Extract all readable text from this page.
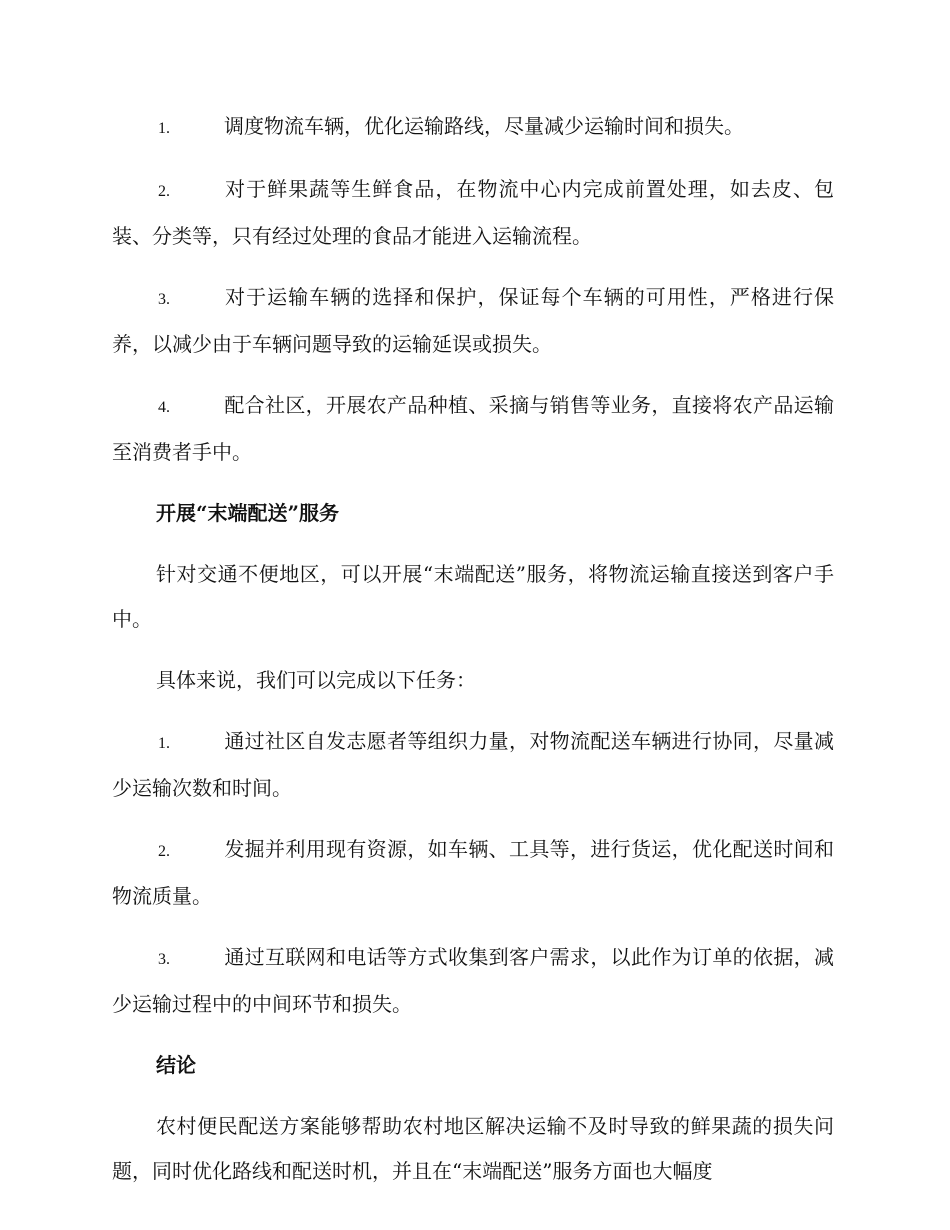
1.	调度物流车辆，优化运输路线，尽量减少运输时间和损失。

2.	对于鲜果蔬等生鲜食品，在物流中心内完成前置处理，如去皮、包装、分类等，只有经过处理的食品才能进入运输流程。

3.	对于运输车辆的选择和保护，保证每个车辆的可用性，严格进行保养，以减少由于车辆问题导致的运输延误或损失。

4.	配合社区，开展农产品种植、采摘与销售等业务，直接将农产品运输至消费者手中。

开展“末端配送”服务

针对交通不便地区，可以开展“末端配送”服务，将物流运输直接送到客户手中。

具体来说，我们可以完成以下任务：

1.	通过社区自发志愿者等组织力量，对物流配送车辆进行协同，尽量减少运输次数和时间。

2.	发掘并利用现有资源，如车辆、工具等，进行货运，优化配送时间和物流质量。

3.	通过互联网和电话等方式收集到客户需求，以此作为订单的依据，减少运输过程中的中间环节和损失。

结论

农村便民配送方案能够帮助农村地区解决运输不及时导致的鲜果蔬的损失问题，同时优化路线和配送时机，并且在“末端配送”服务方面也大幅度
